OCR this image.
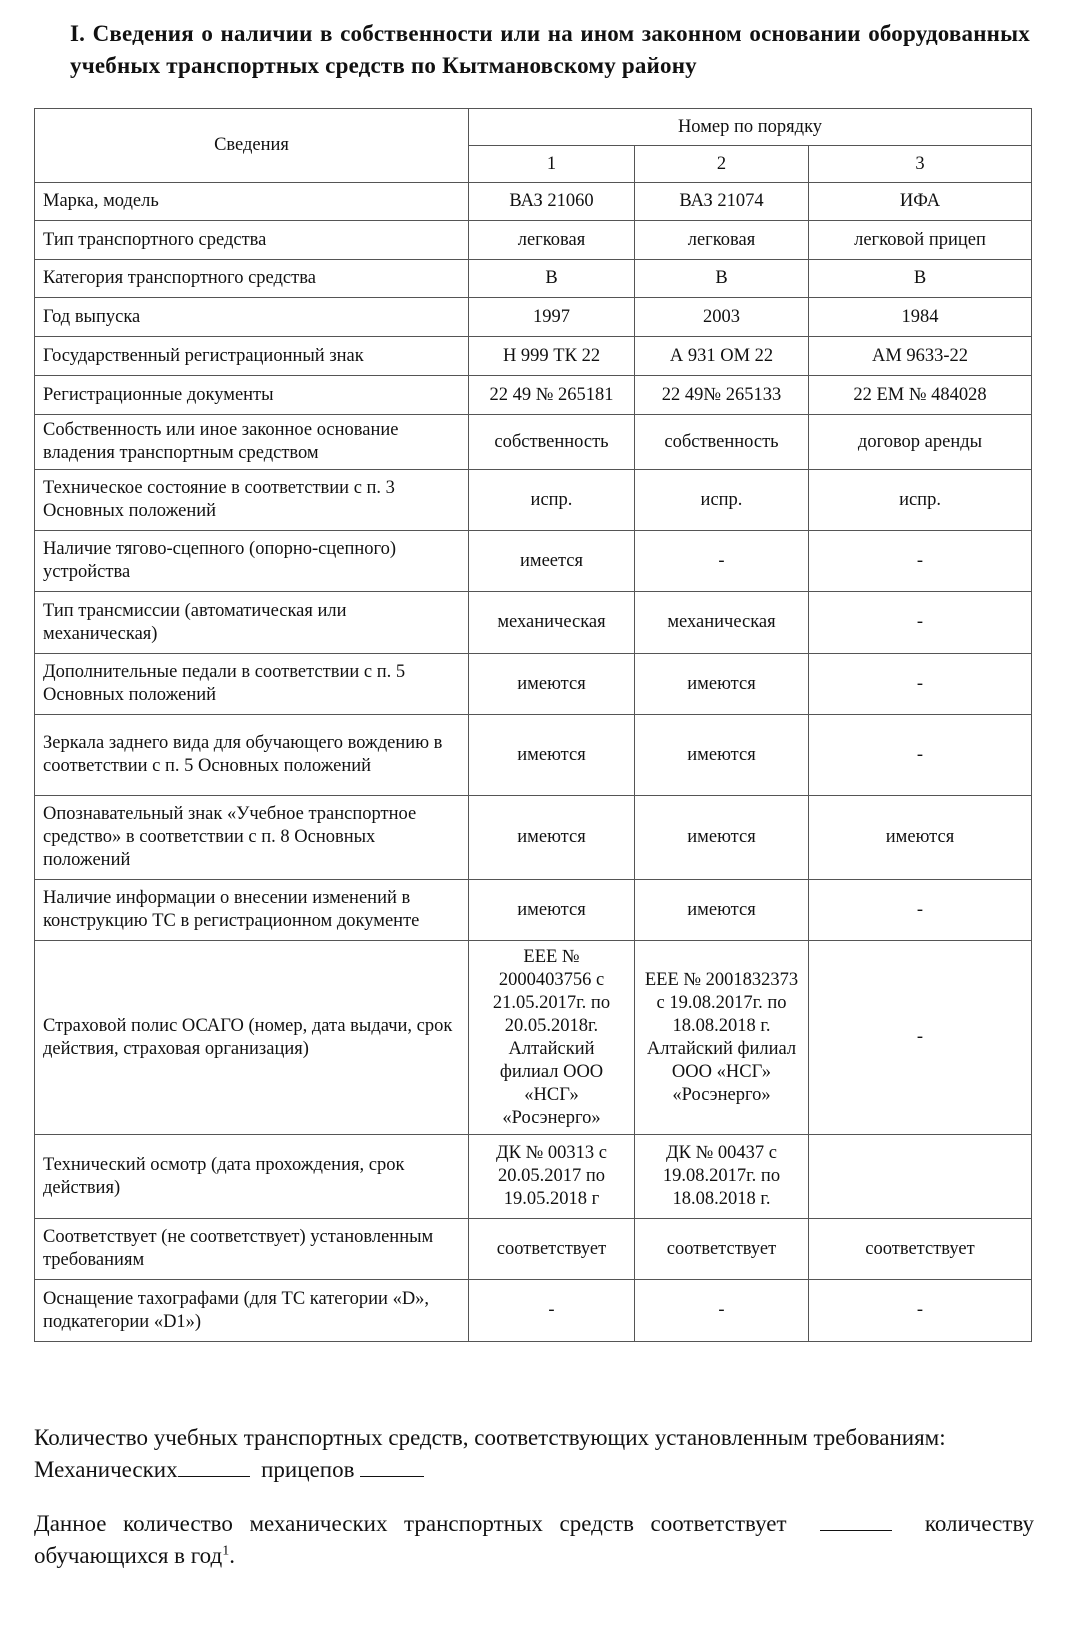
I. Сведения о наличии в собственности или на ином законном основании оборудованных учебных транспортных средств по Кытмановскому району
Сведения	Номер по порядку		
	1	2	3
Марка, модель	ВАЗ 21060	ВАЗ 21074	ИФА
Тип транспортного средства	легковая	легковая	легковой прицеп
Категория транспортного средства	В	В	В
Год выпуска	1997	2003	1984
Государственный регистрационный знак	Н 999 ТК 22	А 931 ОМ 22	АМ 9633-22
Регистрационные документы	22 49 № 265181	22 49№ 265133	22 ЕМ № 484028
Собственность или иное законное основание владения транспортным средством	собственность	собственность	договор аренды
Техническое состояние в соответствии с п. 3 Основных положений	испр.	испр.	испр.
Наличие тягово-сцепного (опорно-сцепного) устройства	имеется	-	-
Тип трансмиссии (автоматическая или механическая)	механическая	механическая	-
Дополнительные педали в соответствии с п. 5 Основных положений	имеются	имеются	-
Зеркала заднего вида для обучающего вождению в соответствии с п. 5 Основных положений	имеются	имеются	-
Опознавательный знак «Учебное транспортное средство» в соответствии с п. 8 Основных положений	имеются	имеются	имеются
Наличие информации о внесении изменений в конструкцию ТС в регистрационном документе	имеются	имеются	-
Страховой полис ОСАГО (номер, дата выдачи, срок действия, страховая организация)	ЕЕЕ № 2000403756 с 21.05.2017г. по 20.05.2018г. Алтайский филиал ООО «НСГ» «Росэнерго»	ЕЕЕ № 2001832373 с 19.08.2017г. по 18.08.2018 г. Алтайский филиал ООО «НСГ» «Росэнерго»	-
Технический осмотр (дата прохождения, срок действия)	ДК № 00313 с 20.05.2017 по 19.05.2018 г	ДК № 00437 с 19.08.2017г. по 18.08.2018 г.	
Соответствует (не соответствует) установленным требованиям	соответствует	соответствует	соответствует
Оснащение тахографами (для ТС категории «D», подкатегории «D1»)	-	-	-

Количество учебных транспортных средств, соответствующих установленным требованиям:

Механических	прицепов

Данное количество механических транспортных средств соответствует	количеству обучающихся в год$^1$.
